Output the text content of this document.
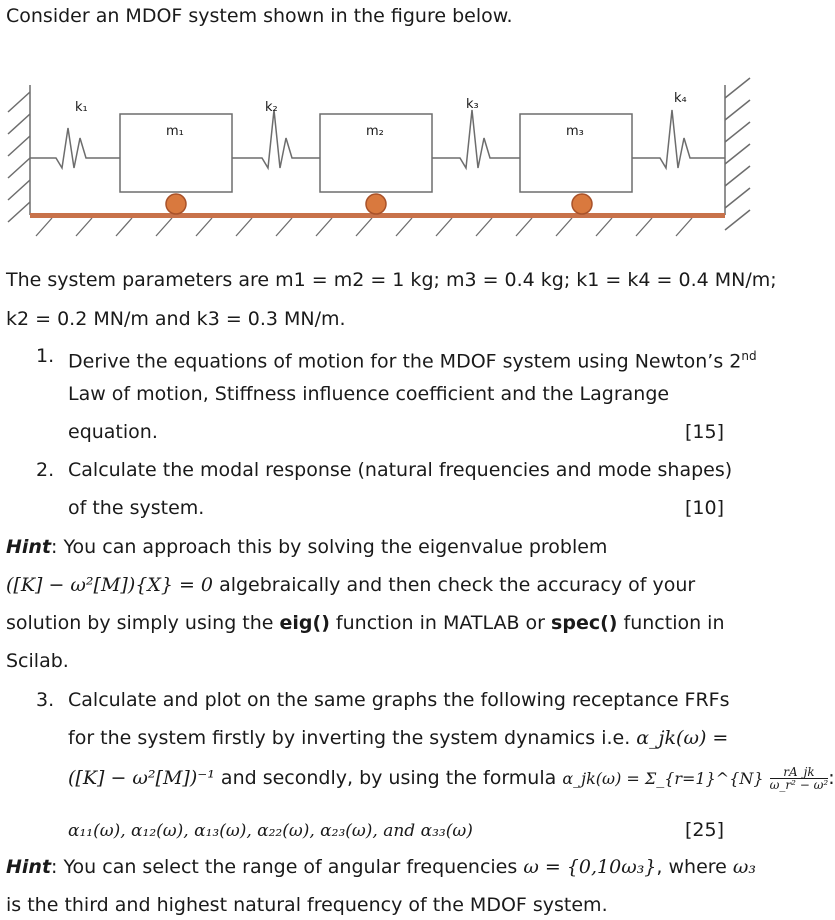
Consider an MDOF system shown in the figure below.
k₁	k₂	k₃	k₄
m₁	m₂	m₃
The system parameters are m1 = m2 = 1 kg; m3 = 0.4 kg; k1 = k4 = 0.4 MN/m;
k2 = 0.2 MN/m and k3 = 0.3 MN/m.
1. Derive the equations of motion for the MDOF system using Newton’s 2nd
Law of motion, Stiffness influence coefficient and the Lagrange
equation.	[15]
2. Calculate the modal response (natural frequencies and mode shapes)
of the system.	[10]
Hint: You can approach this by solving the eigenvalue problem
([K] − ω²[M]){X} = 0 algebraically and then check the accuracy of your
solution by simply using the eig() function in MATLAB or spec() function in
Scilab.
3. Calculate and plot on the same graphs the following receptance FRFs
for the system firstly by inverting the system dynamics i.e. α_jk(ω) =
([K] − ω²[M])⁻¹ and secondly, by using the formula α_jk(ω) = Σ_{r=1}^{N} $\frac{rA\_jk}{\text{ω\_r² − ω²}}$ :
α₁₁(ω), α₁₂(ω), α₁₃(ω), α₂₂(ω), α₂₃(ω), and α₃₃(ω)	[25]
Hint: You can select the range of angular frequencies ω = {0,10ω₃}, where ω₃
is the third and highest natural frequency of the MDOF system.
